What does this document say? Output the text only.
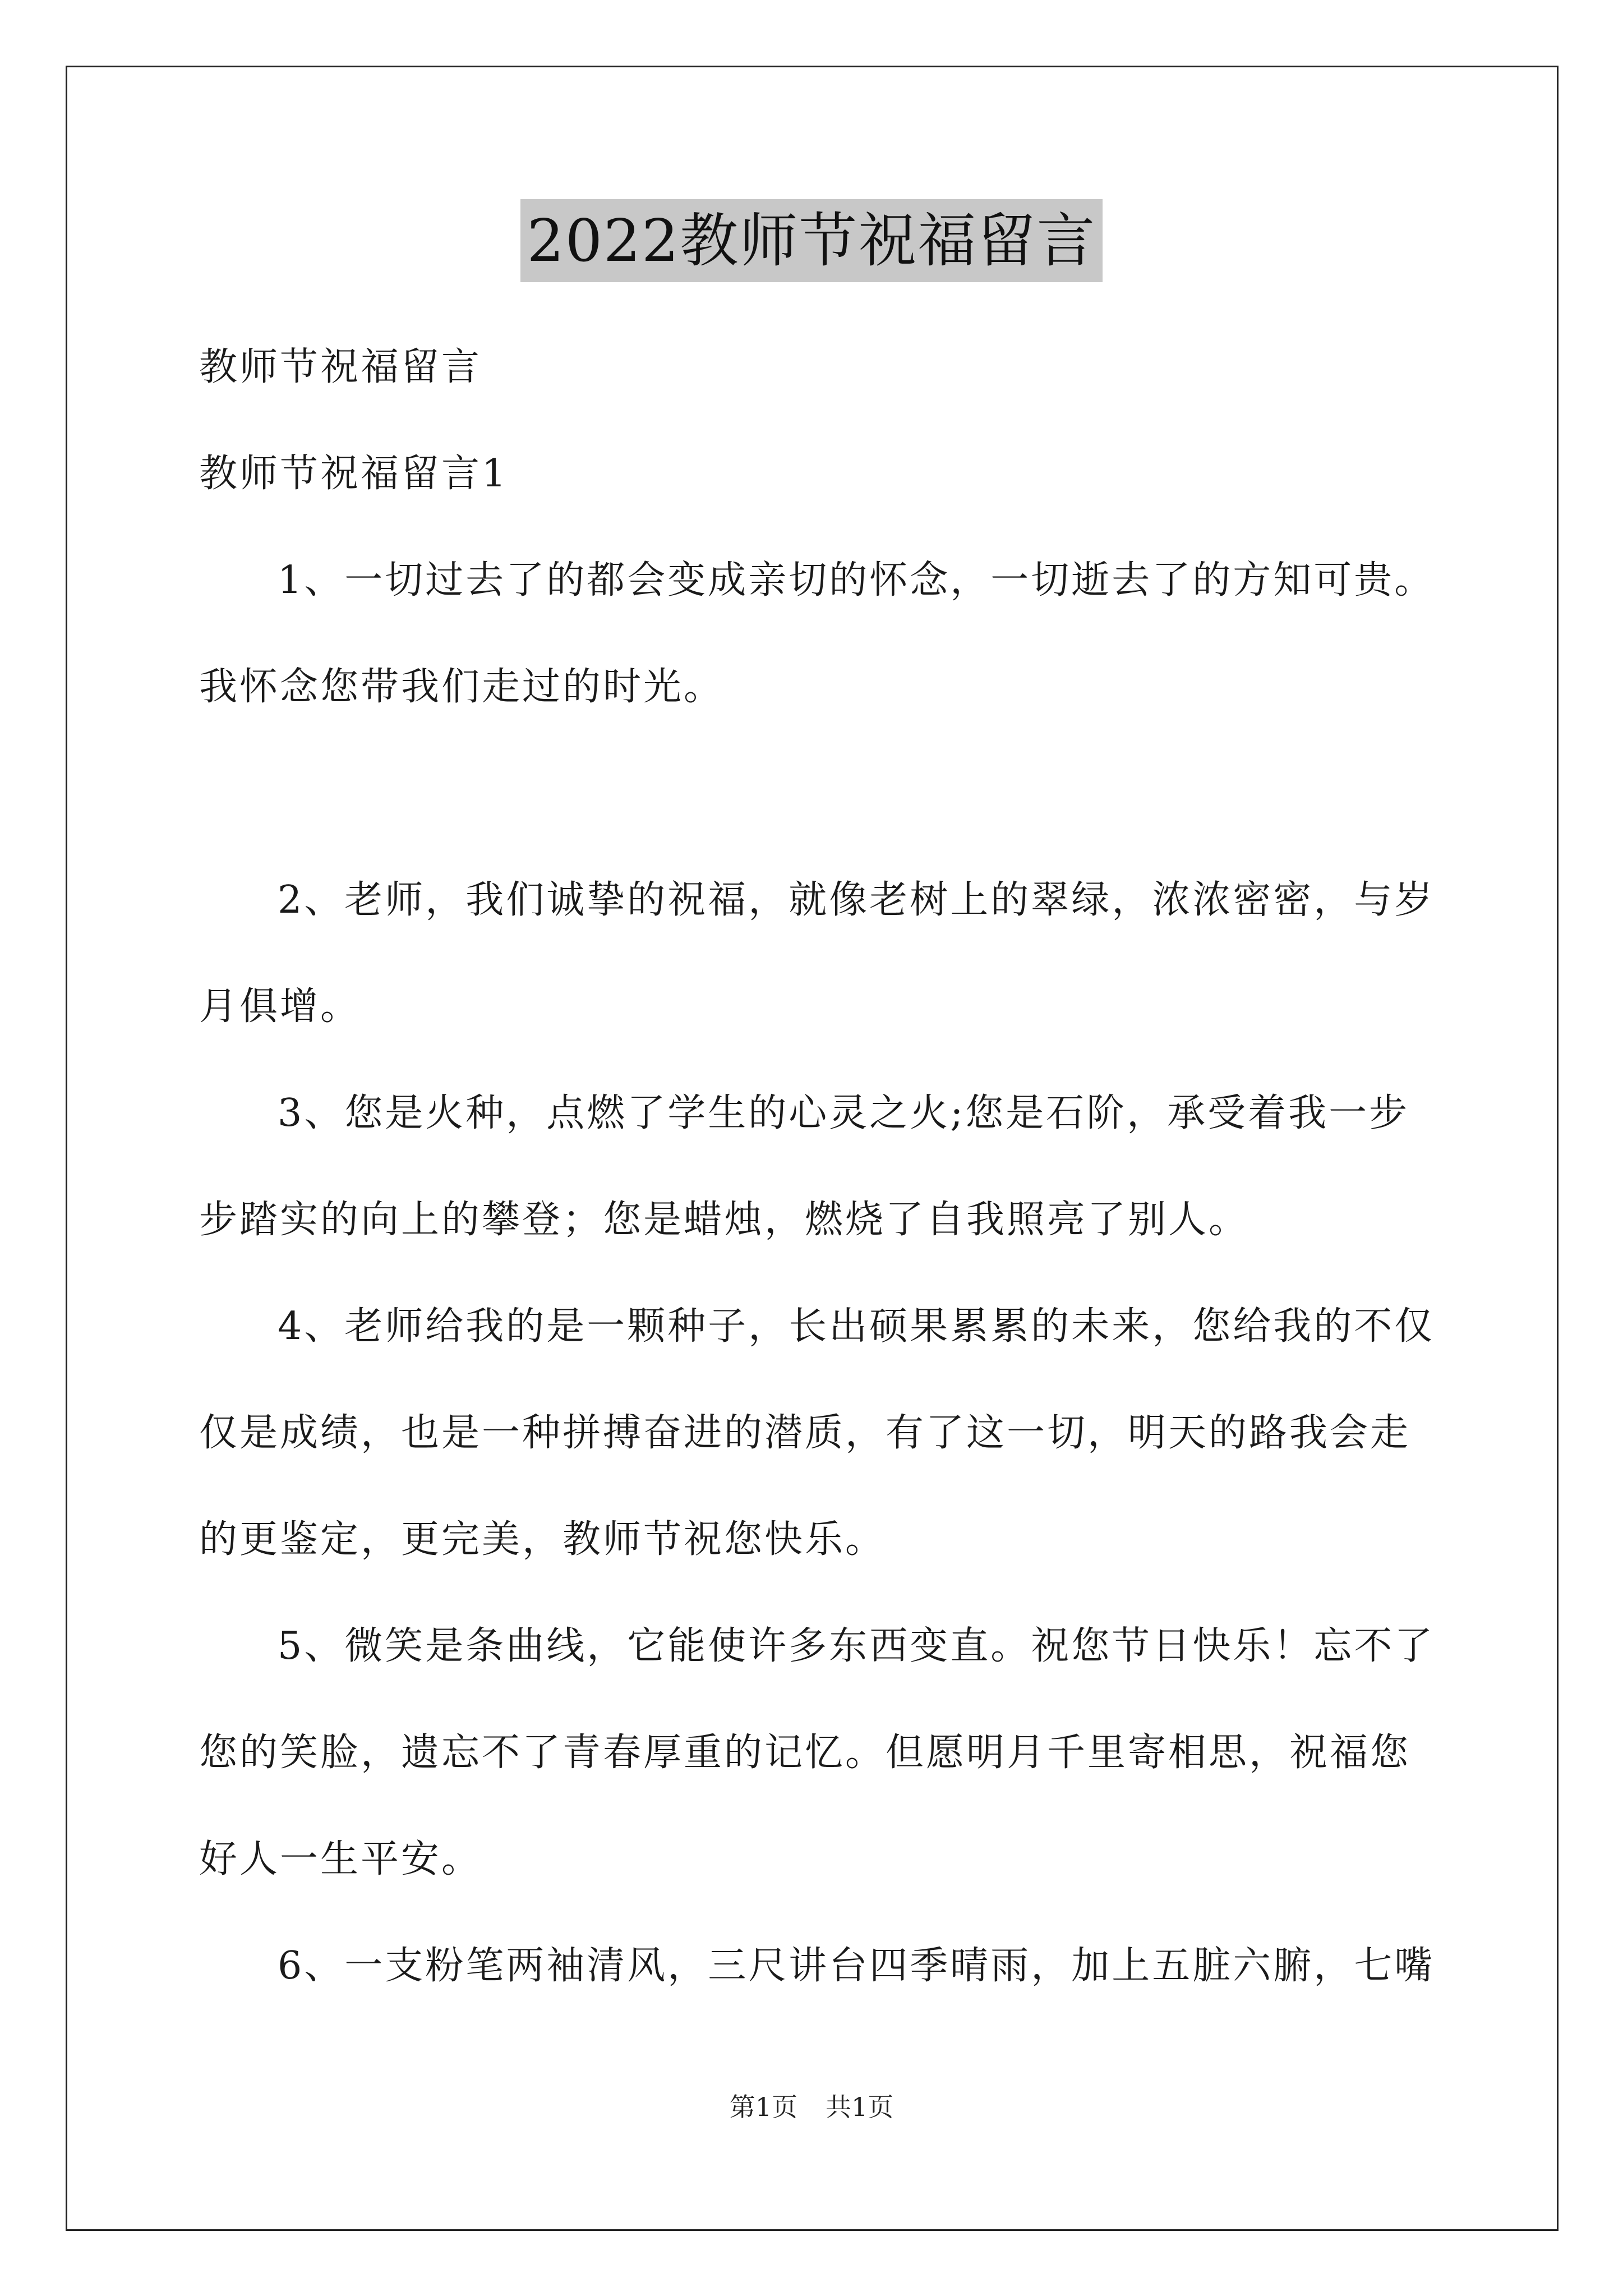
2022教师节祝福留言
教师节祝福留言
教师节祝福留言1
1、一切过去了的都会变成亲切的怀念，一切逝去了的方知可贵。
我怀念您带我们走过的时光。
2、老师，我们诚挚的祝福，就像老树上的翠绿，浓浓密密，与岁
月俱增。
3、您是火种，点燃了学生的心灵之火;您是石阶，承受着我一步
步踏实的向上的攀登；您是蜡烛，燃烧了自我照亮了别人。
4、老师给我的是一颗种子，长出硕果累累的未来，您给我的不仅
仅是成绩，也是一种拼搏奋进的潜质，有了这一切，明天的路我会走
的更鉴定，更完美，教师节祝您快乐。
5、微笑是条曲线，它能使许多东西变直。祝您节日快乐！忘不了
您的笑脸，遗忘不了青春厚重的记忆。但愿明月千里寄相思，祝福您
好人一生平安。
6、一支粉笔两袖清风，三尺讲台四季晴雨，加上五脏六腑，七嘴
第1页 共1页
